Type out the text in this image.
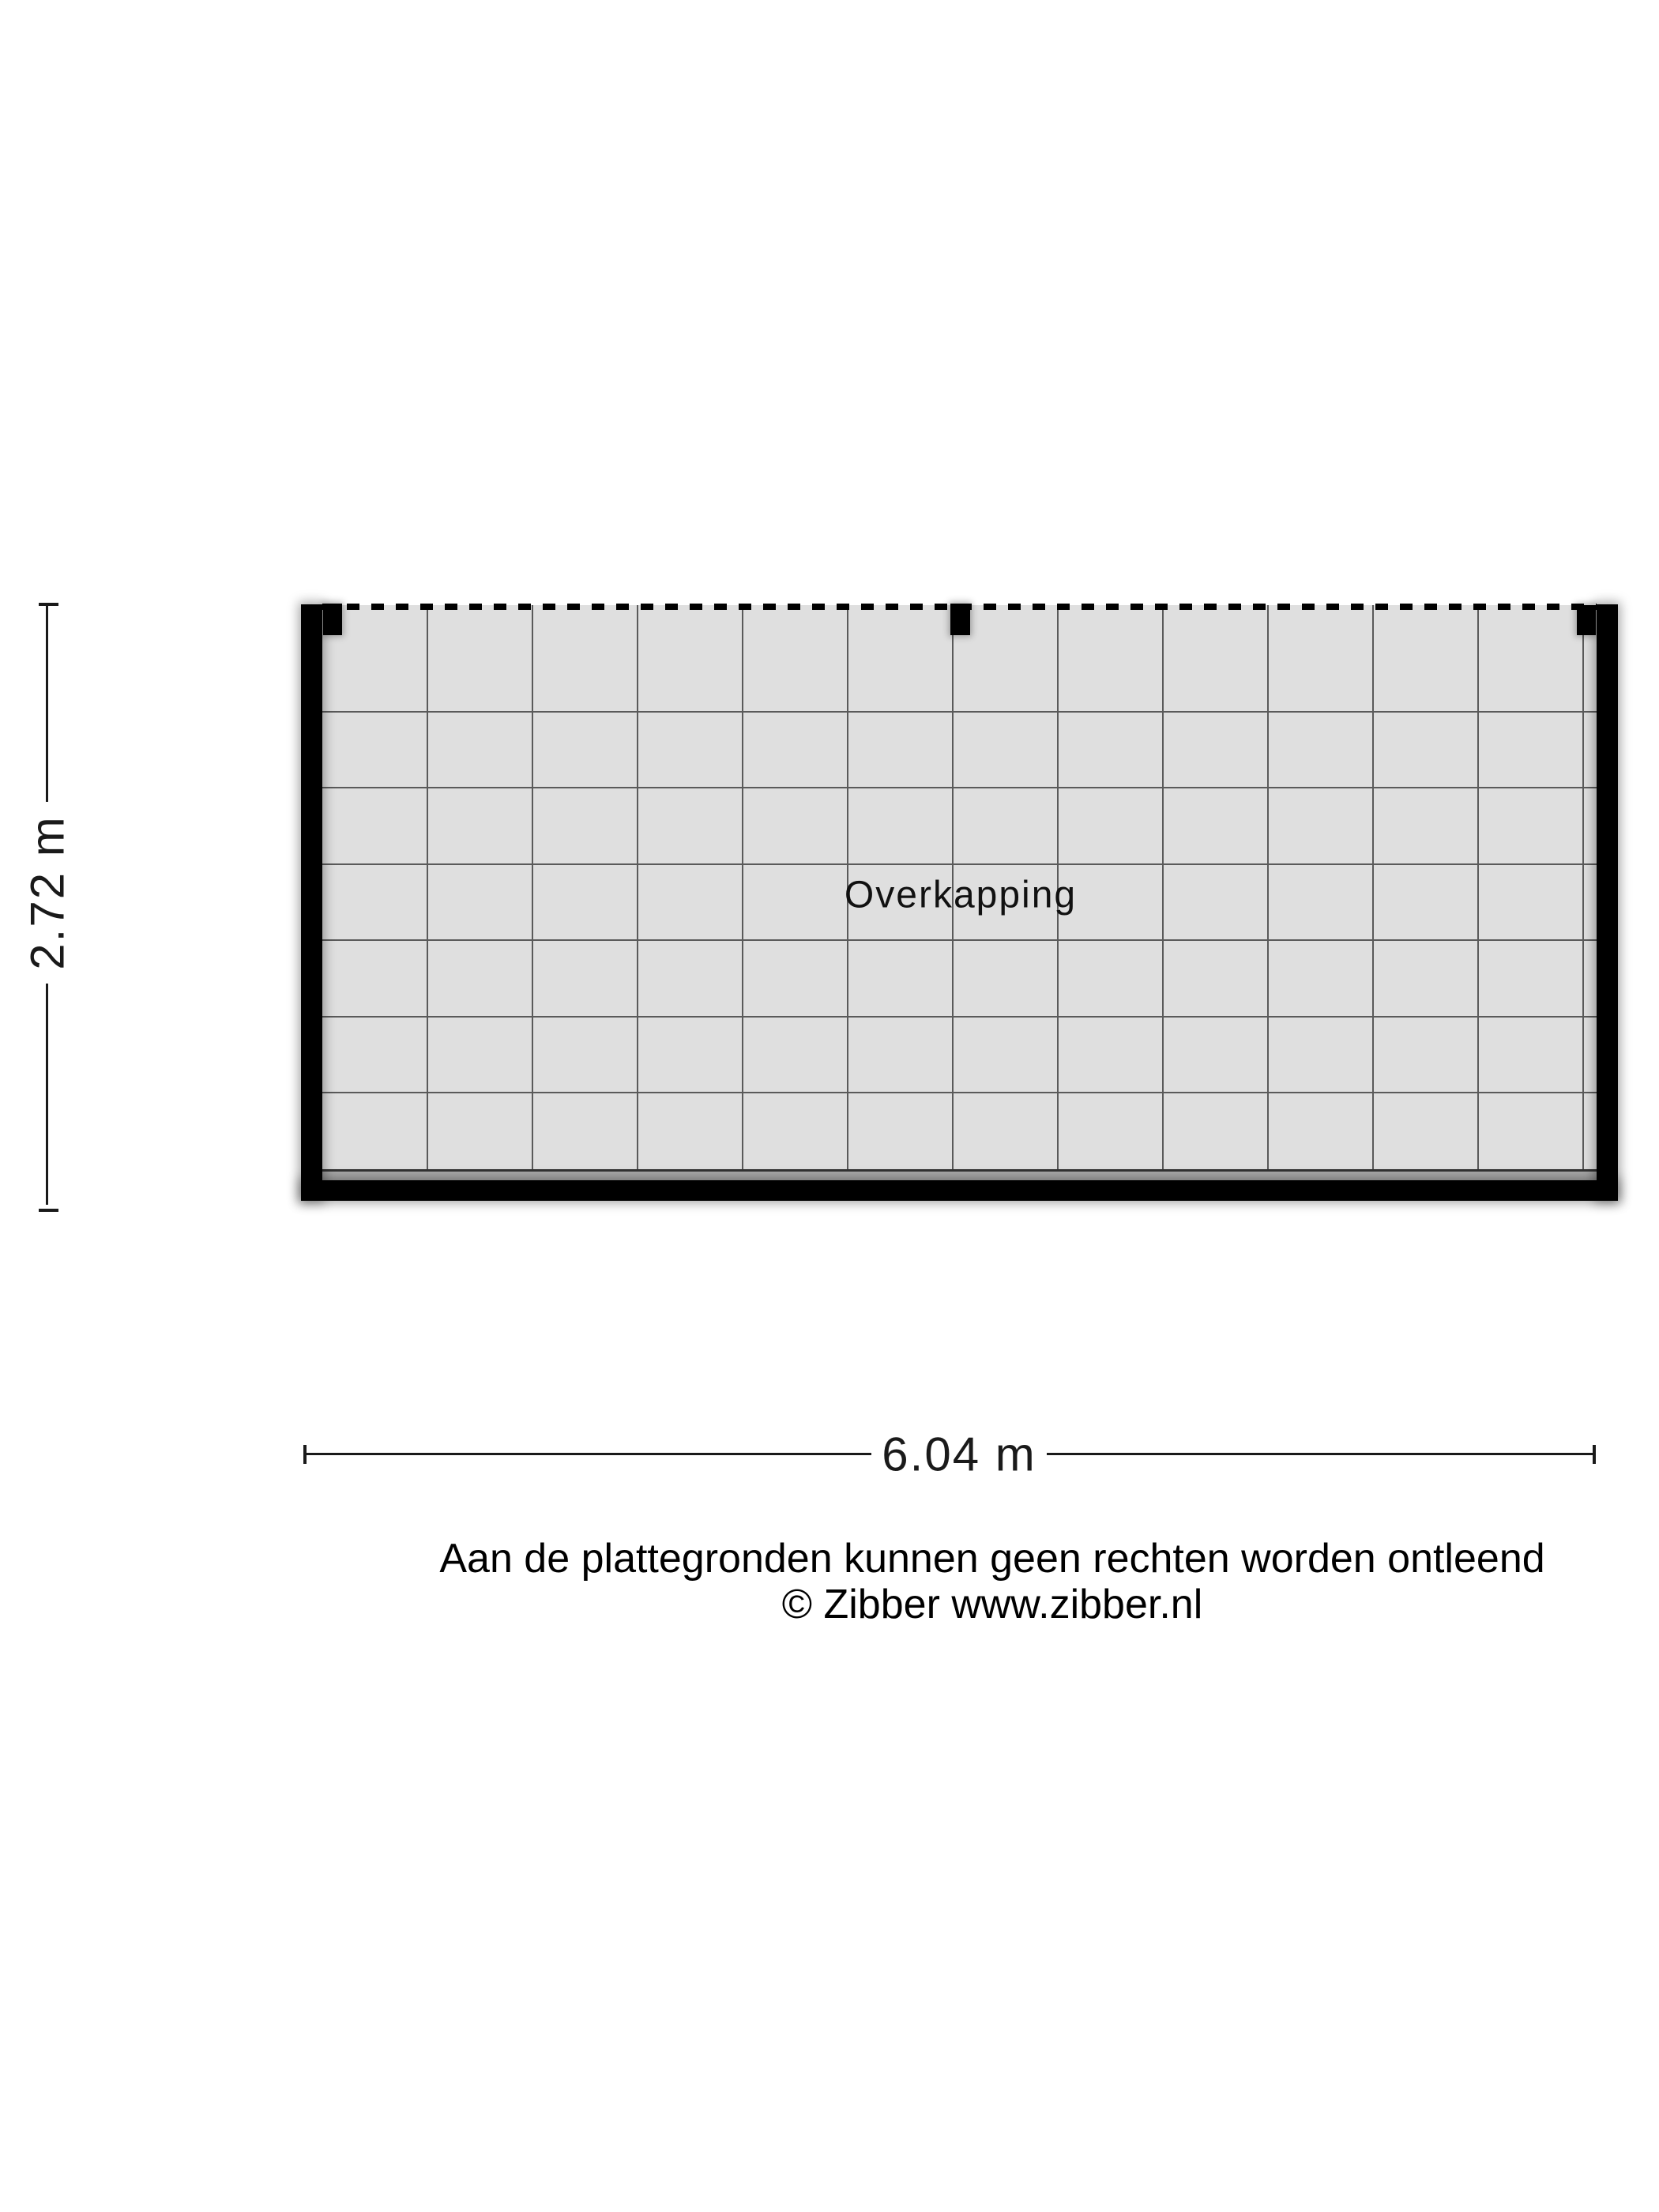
Overkapping
2.72 m
6.04 m
Aan de plattegronden kunnen geen rechten worden ontleend
© Zibber www.zibber.nl
